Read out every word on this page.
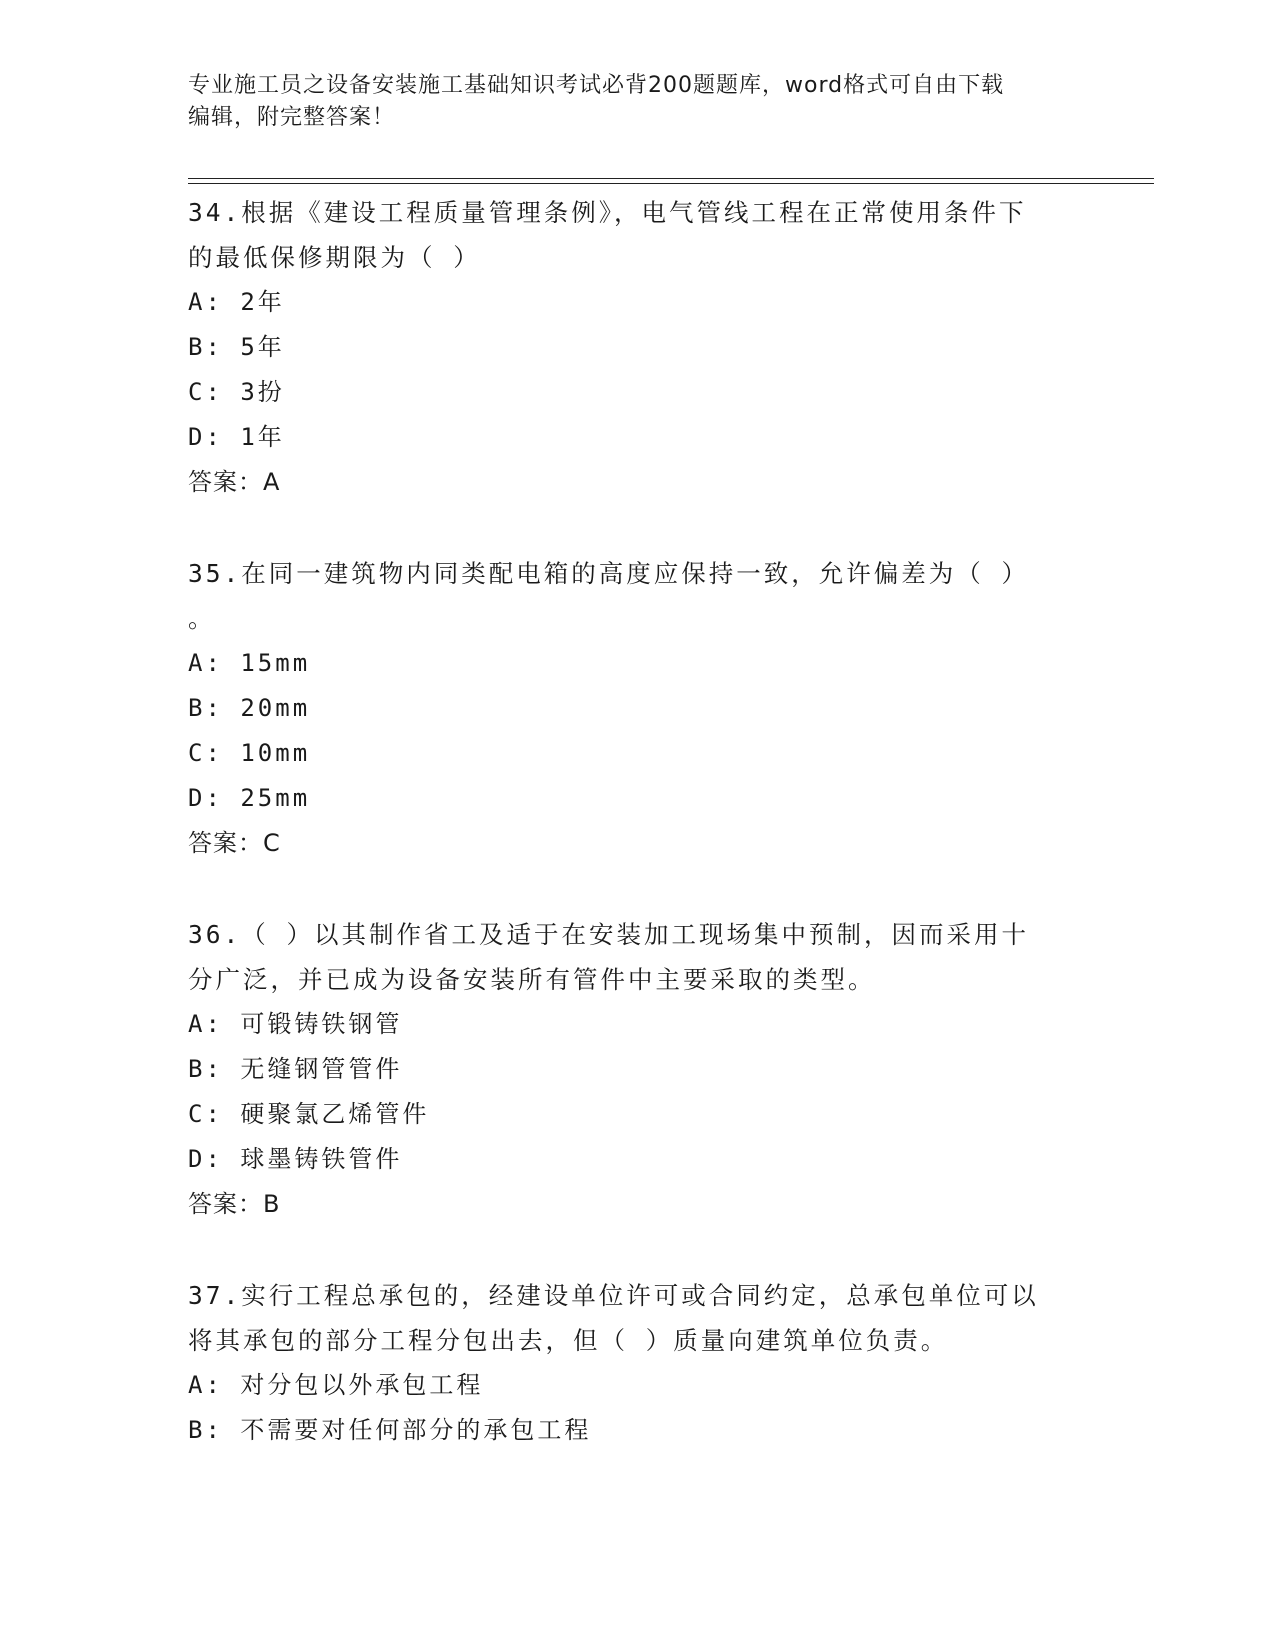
专业施工员之设备安装施工基础知识考试必背200题题库，word格式可自由下载
编辑，附完整答案！
34.根据《建设工程质量管理条例》，电气管线工程在正常使用条件下
的最低保修期限为（ ）
A: 2年
B: 5年
C: 3扮
D: 1年
答案：A
35.在同一建筑物内同类配电箱的高度应保持一致，允许偏差为（ ）
。
A: 15mm
B: 20mm
C: 10mm
D: 25mm
答案：C
36.（ ）以其制作省工及适于在安装加工现场集中预制，因而采用十
分广泛，并已成为设备安装所有管件中主要采取的类型。
A: 可锻铸铁钢管
B: 无缝钢管管件
C: 硬聚氯乙烯管件
D: 球墨铸铁管件
答案：B
37.实行工程总承包的，经建设单位许可或合同约定，总承包单位可以
将其承包的部分工程分包出去，但（ ）质量向建筑单位负责。
A: 对分包以外承包工程
B: 不需要对任何部分的承包工程
